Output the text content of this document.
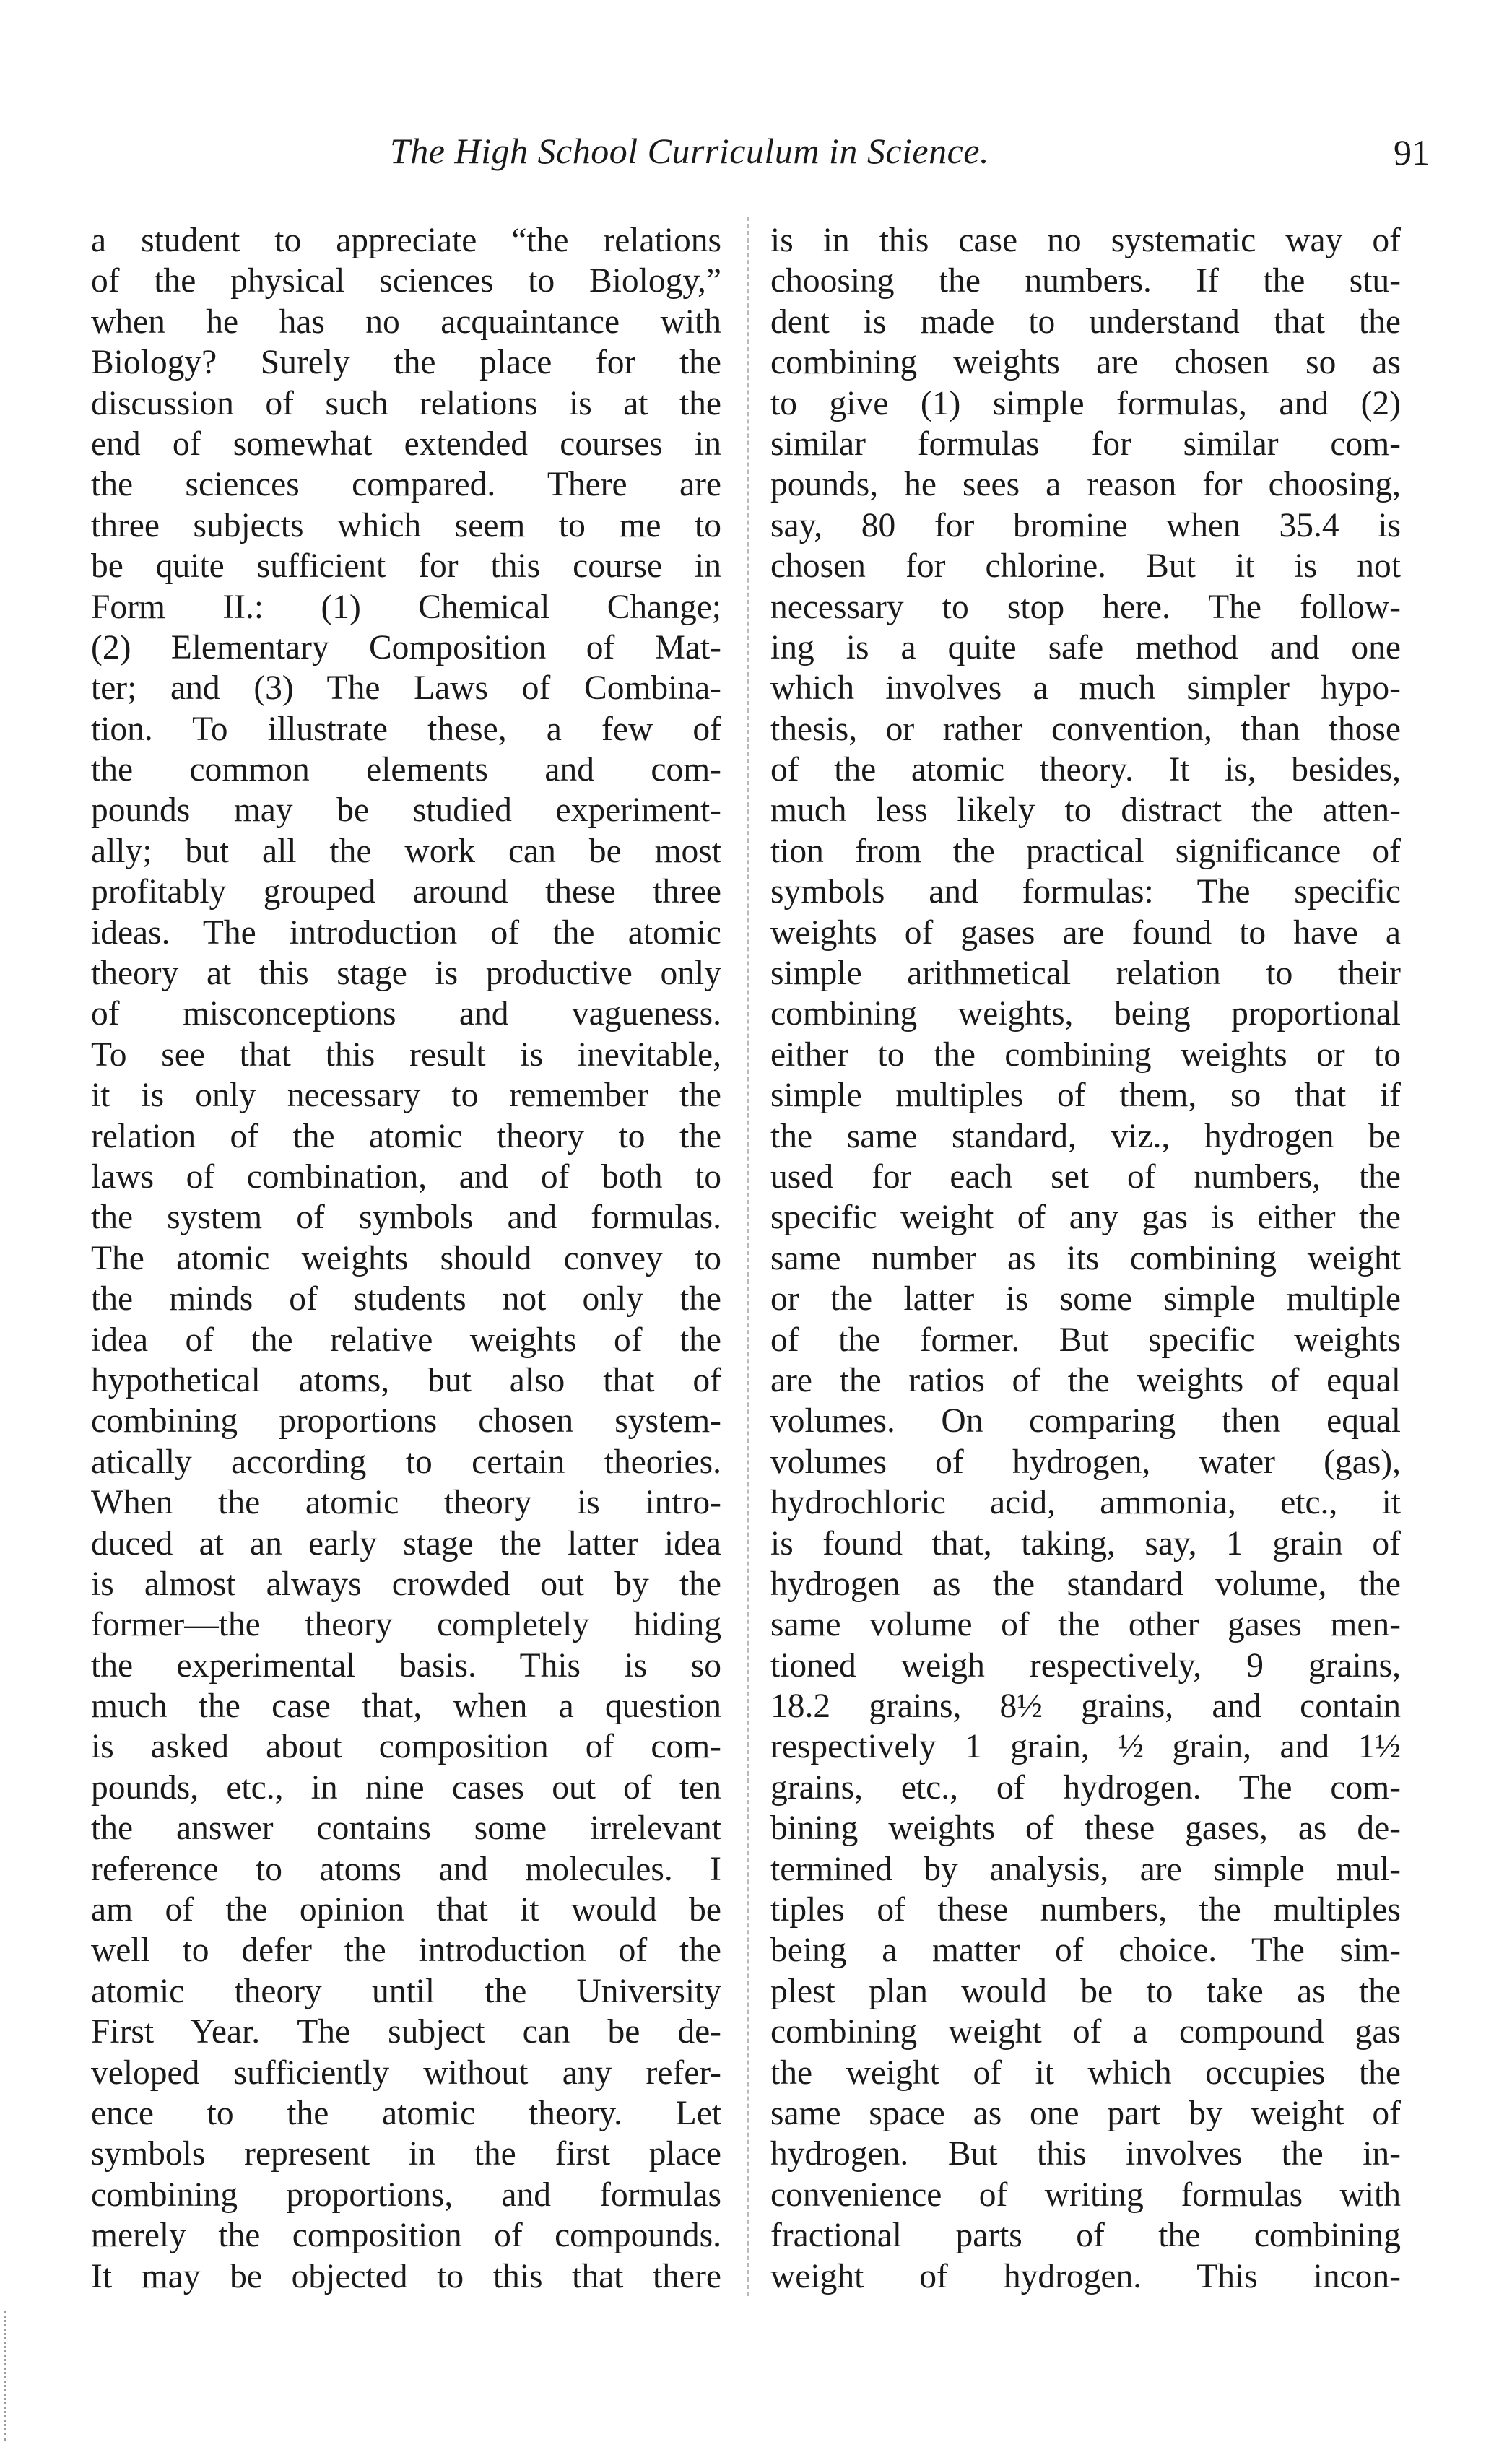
The High School Curriculum in Science.	91
a student to appreciate “the relations
of the physical sciences to Biology,”
when he has no acquaintance with
Biology? Surely the place for the
discussion of such relations is at the
end of somewhat extended courses in
the sciences compared. There are
three subjects which seem to me to
be quite sufficient for this course in
Form II.: (1) Chemical Change;
(2) Elementary Composition of Mat-
ter; and (3) The Laws of Combina-
tion. To illustrate these, a few of
the common elements and com-
pounds may be studied experiment-
ally; but all the work can be most
profitably grouped around these three
ideas. The introduction of the atomic
theory at this stage is productive only
of misconceptions and vagueness.
To see that this result is inevitable,
it is only necessary to remember the
relation of the atomic theory to the
laws of combination, and of both to
the system of symbols and formulas.
The atomic weights should convey to
the minds of students not only the
idea of the relative weights of the
hypothetical atoms, but also that of
combining proportions chosen system-
atically according to certain theories.
When the atomic theory is intro-
duced at an early stage the latter idea
is almost always crowded out by the
former—the theory completely hiding
the experimental basis. This is so
much the case that, when a question
is asked about composition of com-
pounds, etc., in nine cases out of ten
the answer contains some irrelevant
reference to atoms and molecules. I
am of the opinion that it would be
well to defer the introduction of the
atomic theory until the University
First Year. The subject can be de-
veloped sufficiently without any refer-
ence to the atomic theory. Let
symbols represent in the first place
combining proportions, and formulas
merely the composition of compounds.
It may be objected to this that there
is in this case no systematic way of
choosing the numbers. If the stu-
dent is made to understand that the
combining weights are chosen so as
to give (1) simple formulas, and (2)
similar formulas for similar com-
pounds, he sees a reason for choosing,
say, 80 for bromine when 35.4 is
chosen for chlorine. But it is not
necessary to stop here. The follow-
ing is a quite safe method and one
which involves a much simpler hypo-
thesis, or rather convention, than those
of the atomic theory. It is, besides,
much less likely to distract the atten-
tion from the practical significance of
symbols and formulas: The specific
weights of gases are found to have a
simple arithmetical relation to their
combining weights, being proportional
either to the combining weights or to
simple multiples of them, so that if
the same standard, viz., hydrogen be
used for each set of numbers, the
specific weight of any gas is either the
same number as its combining weight
or the latter is some simple multiple
of the former. But specific weights
are the ratios of the weights of equal
volumes. On comparing then equal
volumes of hydrogen, water (gas),
hydrochloric acid, ammonia, etc., it
is found that, taking, say, 1 grain of
hydrogen as the standard volume, the
same volume of the other gases men-
tioned weigh respectively, 9 grains,
18.2 grains, 8½ grains, and contain
respectively 1 grain, ½ grain, and 1½
grains, etc., of hydrogen. The com-
bining weights of these gases, as de-
termined by analysis, are simple mul-
tiples of these numbers, the multiples
being a matter of choice. The sim-
plest plan would be to take as the
combining weight of a compound gas
the weight of it which occupies the
same space as one part by weight of
hydrogen. But this involves the in-
convenience of writing formulas with
fractional parts of the combining
weight of hydrogen. This incon-
